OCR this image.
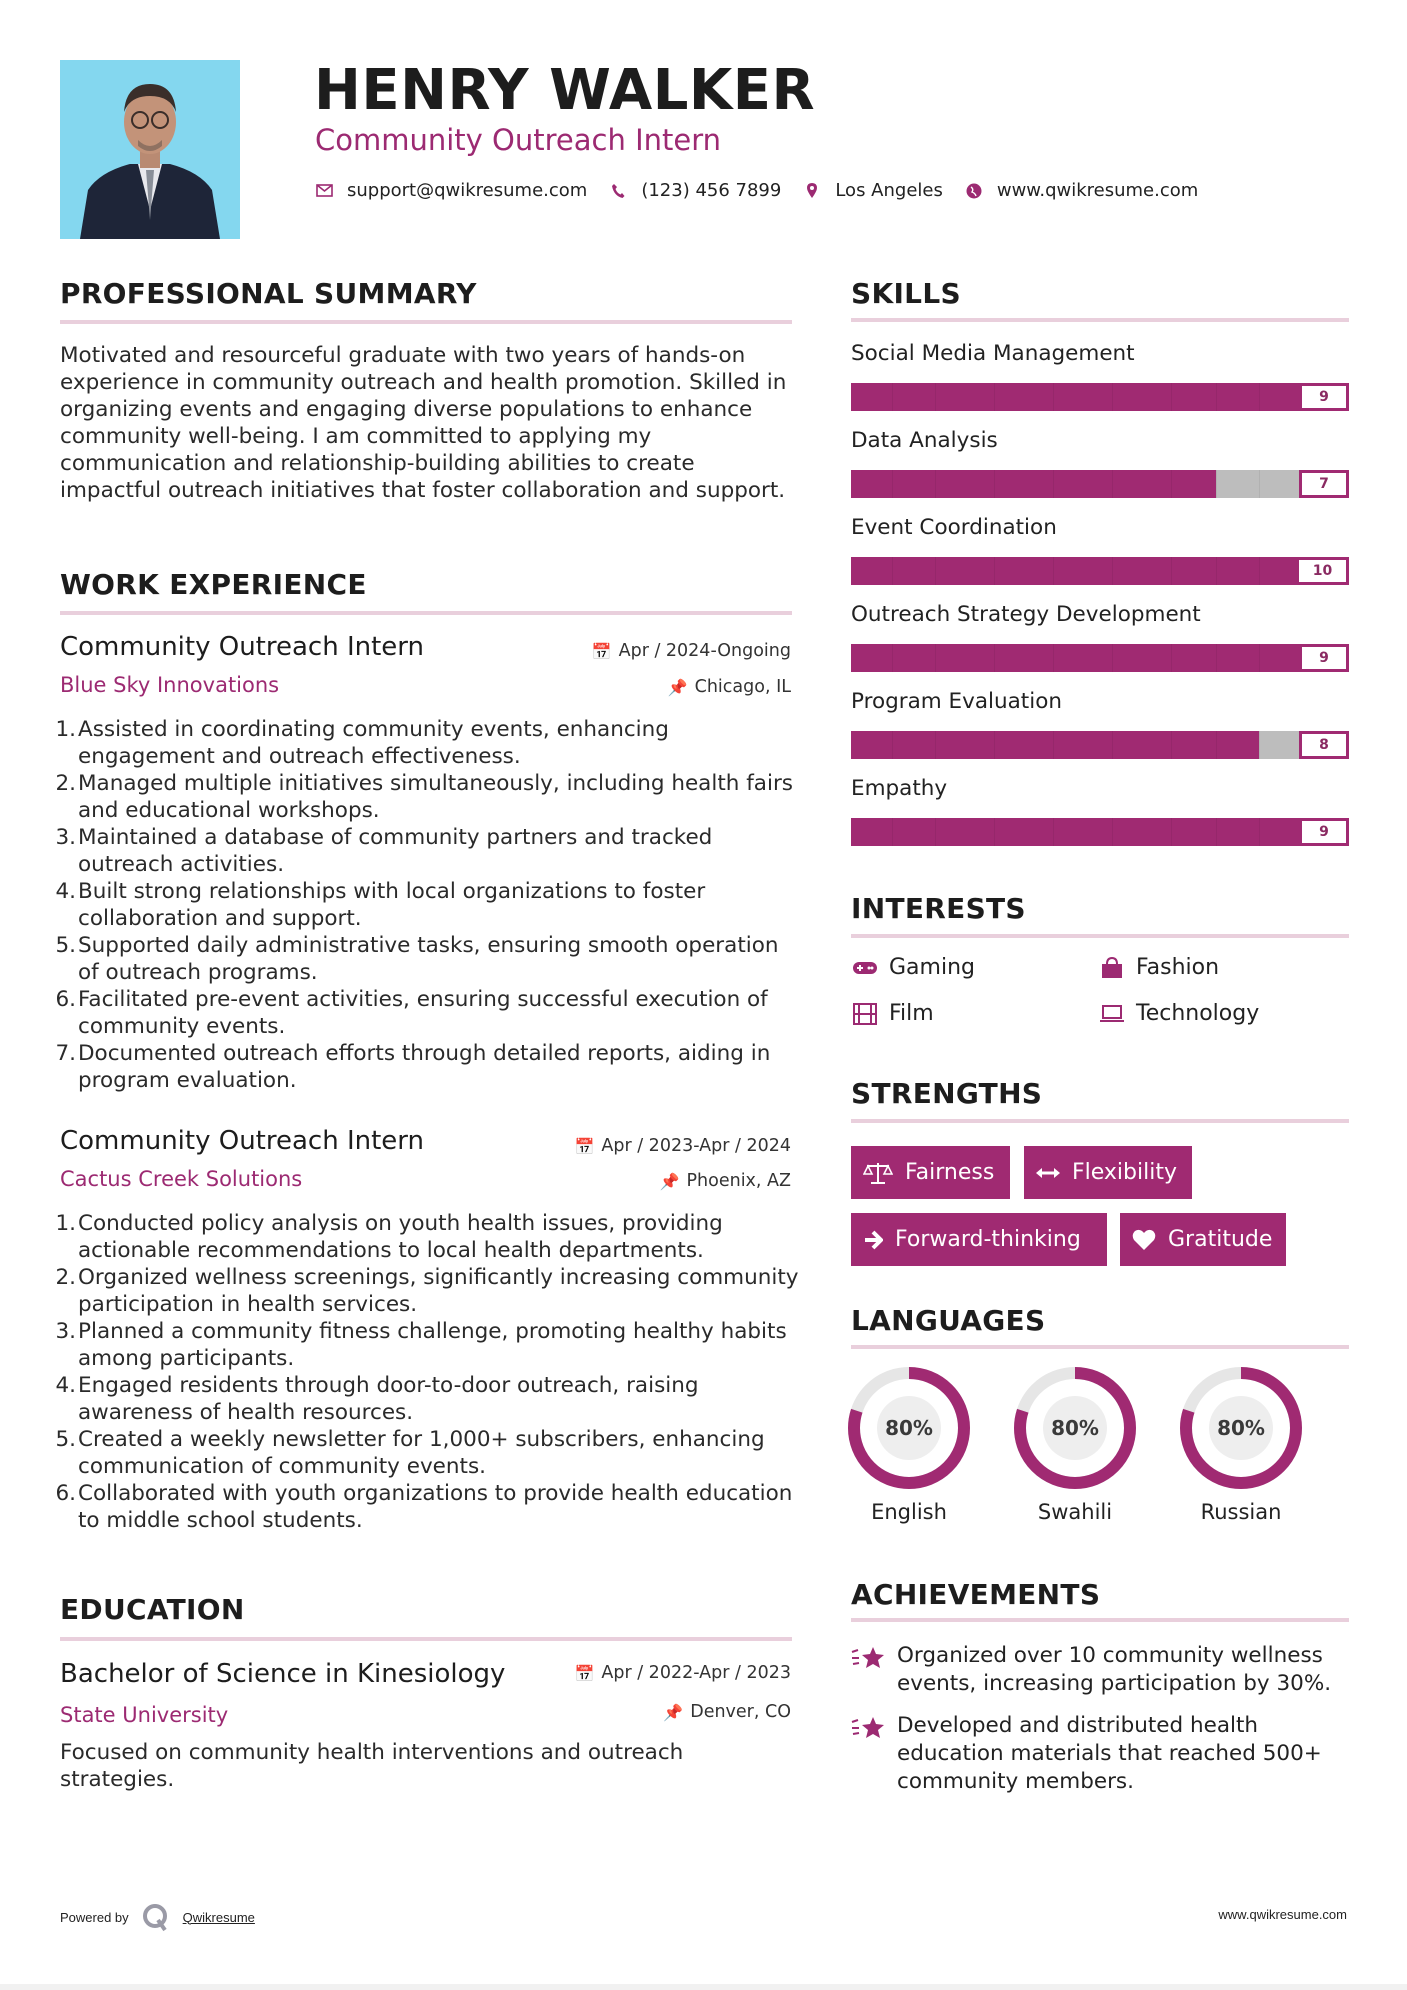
HENRY WALKER
Community Outreach Intern
support@qwikresume.com	(123) 456 7899	Los Angeles	www.qwikresume.com
PROFESSIONAL SUMMARY
Motivated and resourceful graduate with two years of hands-on experience in community outreach and health promotion. Skilled in organizing events and engaging diverse populations to enhance community well-being. I am committed to applying my communication and relationship-building abilities to create impactful outreach initiatives that foster collaboration and support.
WORK EXPERIENCE
Community Outreach Intern	📅 Apr / 2024-Ongoing
Blue Sky Innovations	📌 Chicago, IL
1. Assisted in coordinating community events, enhancing engagement and outreach effectiveness.
2. Managed multiple initiatives simultaneously, including health fairs and educational workshops.
3. Maintained a database of community partners and tracked outreach activities.
4. Built strong relationships with local organizations to foster collaboration and support.
5. Supported daily administrative tasks, ensuring smooth operation of outreach programs.
6. Facilitated pre-event activities, ensuring successful execution of community events.
7. Documented outreach efforts through detailed reports, aiding in program evaluation.
Community Outreach Intern	📅 Apr / 2023-Apr / 2024
Cactus Creek Solutions	📌 Phoenix, AZ
1. Conducted policy analysis on youth health issues, providing actionable recommendations to local health departments.
2. Organized wellness screenings, significantly increasing community participation in health services.
3. Planned a community fitness challenge, promoting healthy habits among participants.
4. Engaged residents through door-to-door outreach, raising awareness of health resources.
5. Created a weekly newsletter for 1,000+ subscribers, enhancing communication of community events.
6. Collaborated with youth organizations to provide health education to middle school students.
EDUCATION
Bachelor of Science in Kinesiology	📅 Apr / 2022-Apr / 2023
State University	📌 Denver, CO
Focused on community health interventions and outreach strategies.
SKILLS
Social Media Management
9
Data Analysis
7
Event Coordination
10
Outreach Strategy Development
9
Program Evaluation
8
Empathy
9
INTERESTS
Gaming	Fashion
Film	Technology
STRENGTHS
Fairness	Flexibility
Forward-thinking	Gratitude
LANGUAGES
80%
English
80%
Swahili
80%
Russian
ACHIEVEMENTS
Organized over 10 community wellness events, increasing participation by 30%.
Developed and distributed health education materials that reached 500+ community members.
Powered by	Qwikresume	www.qwikresume.com
